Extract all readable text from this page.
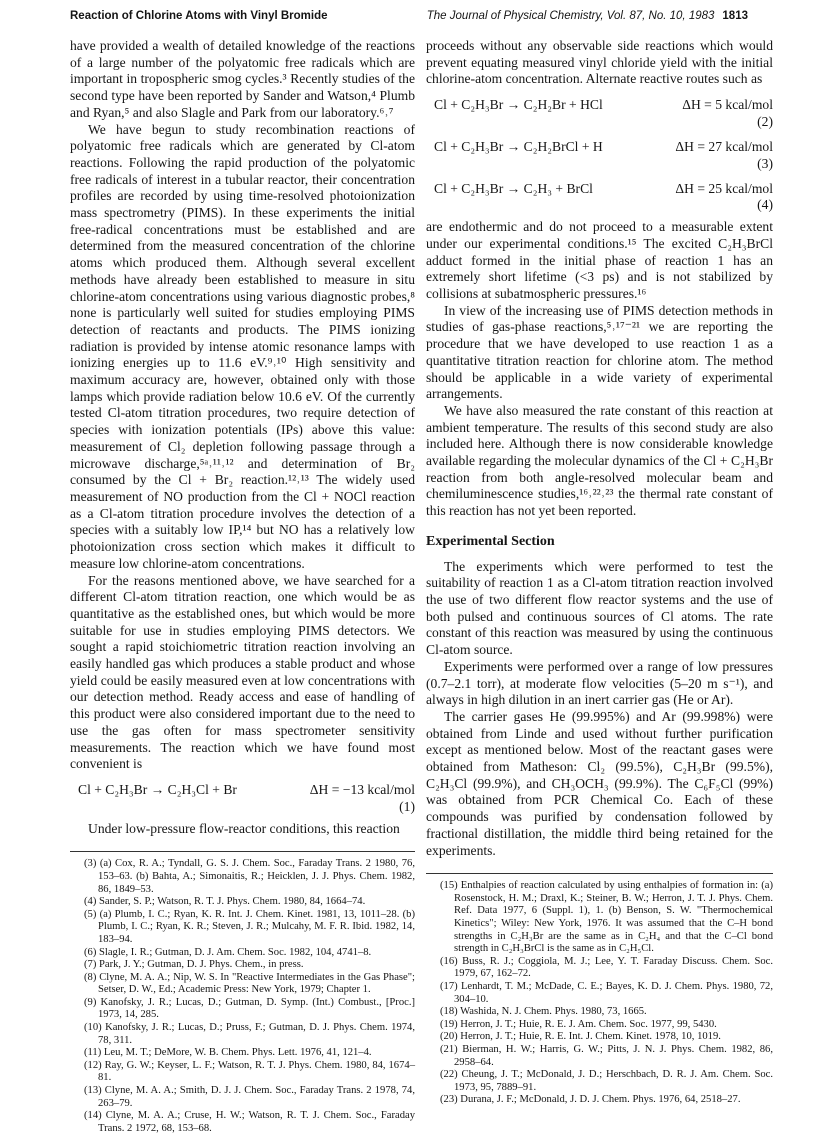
Reaction of Chlorine Atoms with Vinyl Bromide	The Journal of Physical Chemistry, Vol. 87, No. 10, 1983 1813

have provided a wealth of detailed knowledge of the reactions of a large number of the polyatomic free radicals which are important in tropospheric smog cycles.³ Recently studies of the second type have been reported by Sander and Watson,⁴ Plumb and Ryan,⁵ and also Slagle and Park from our laboratory.⁶˒⁷

We have begun to study recombination reactions of polyatomic free radicals which are generated by Cl-atom reactions. Following the rapid production of the polyatomic free radicals of interest in a tubular reactor, their concentration profiles are recorded by using time-resolved photoionization mass spectrometry (PIMS). In these experiments the initial free-radical concentrations must be established and are determined from the measured concentration of the chlorine atoms which produced them. Although several excellent methods have already been established to measure in situ chlorine-atom concentrations using various diagnostic probes,⁸ none is particularly well suited for studies employing PIMS detection of reactants and products. The PIMS ionizing radiation is provided by intense atomic resonance lamps with ionizing energies up to 11.6 eV.⁹˒¹⁰ High sensitivity and maximum accuracy are, however, obtained only with those lamps which provide radiation below 10.6 eV. Of the currently tested Cl-atom titration procedures, two require detection of species with ionization potentials (IPs) above this value: measurement of Cl₂ depletion following passage through a microwave discharge,⁵ᵃ˒¹¹˒¹² and determination of Br₂ consumed by the Cl + Br₂ reaction.¹²˒¹³ The widely used measurement of NO production from the Cl + NOCl reaction as a Cl-atom titration procedure involves the detection of a species with a suitably low IP,¹⁴ but NO has a relatively low photoionization cross section which makes it difficult to measure low chlorine-atom concentrations.

For the reasons mentioned above, we have searched for a different Cl-atom titration reaction, one which would be as quantitative as the established ones, but which would be more suitable for use in studies employing PIMS detectors. We sought a rapid stoichiometric titration reaction involving an easily handled gas which produces a stable product and whose yield could be easily measured even at low concentrations with our detection method. Ready access and ease of handling of this product were also considered important due to the need to use the gas often for mass spectrometer sensitivity measurements. The reaction which we have found most convenient is

Cl + C₂H₃Br → C₂H₃Cl + Br	ΔH = −13 kcal/mol
(1)

Under low-pressure flow-reactor conditions, this reaction

(3) (a) Cox, R. A.; Tyndall, G. S. J. Chem. Soc., Faraday Trans. 2 1980, 76, 153–63. (b) Bahta, A.; Simonaitis, R.; Heicklen, J. J. Phys. Chem. 1982, 86, 1849–53.
(4) Sander, S. P.; Watson, R. T. J. Phys. Chem. 1980, 84, 1664–74.
(5) (a) Plumb, I. C.; Ryan, K. R. Int. J. Chem. Kinet. 1981, 13, 1011–28. (b) Plumb, I. C.; Ryan, K. R.; Steven, J. R.; Mulcahy, M. F. R. Ibid. 1982, 14, 183–94.
(6) Slagle, I. R.; Gutman, D. J. Am. Chem. Soc. 1982, 104, 4741–8.
(7) Park, J. Y.; Gutman, D. J. Phys. Chem., in press.
(8) Clyne, M. A. A.; Nip, W. S. In "Reactive Intermediates in the Gas Phase"; Setser, D. W., Ed.; Academic Press: New York, 1979; Chapter 1.
(9) Kanofsky, J. R.; Lucas, D.; Gutman, D. Symp. (Int.) Combust., [Proc.] 1973, 14, 285.
(10) Kanofsky, J. R.; Lucas, D.; Pruss, F.; Gutman, D. J. Phys. Chem. 1974, 78, 311.
(11) Leu, M. T.; DeMore, W. B. Chem. Phys. Lett. 1976, 41, 121–4.
(12) Ray, G. W.; Keyser, L. F.; Watson, R. T. J. Phys. Chem. 1980, 84, 1674–81.
(13) Clyne, M. A. A.; Smith, D. J. J. Chem. Soc., Faraday Trans. 2 1978, 74, 263–79.
(14) Clyne, M. A. A.; Cruse, H. W.; Watson, R. T. J. Chem. Soc., Faraday Trans. 2 1972, 68, 153–68.

proceeds without any observable side reactions which would prevent equating measured vinyl chloride yield with the initial chlorine-atom concentration. Alternate reactive routes such as

Cl + C₂H₃Br → C₂H₂Br + HCl	ΔH = 5 kcal/mol
(2)
Cl + C₂H₃Br → C₂H₂BrCl + H	ΔH = 27 kcal/mol
(3)
Cl + C₂H₃Br → C₂H₃ + BrCl	ΔH = 25 kcal/mol
(4)

are endothermic and do not proceed to a measurable extent under our experimental conditions.¹⁵ The excited C₂H₃BrCl adduct formed in the initial phase of reaction 1 has an extremely short lifetime (<3 ps) and is not stabilized by collisions at subatmospheric pressures.¹⁶

In view of the increasing use of PIMS detection methods in studies of gas-phase reactions,⁵˒¹⁷⁻²¹ we are reporting the procedure that we have developed to use reaction 1 as a quantitative titration reaction for chlorine atom. The method should be applicable in a wide variety of experimental arrangements.

We have also measured the rate constant of this reaction at ambient temperature. The results of this second study are also included here. Although there is now considerable knowledge available regarding the molecular dynamics of the Cl + C₂H₃Br reaction from both angle-resolved molecular beam and chemiluminescence studies,¹⁶˒²²˒²³ the thermal rate constant of this reaction has not yet been reported.

Experimental Section

The experiments which were performed to test the suitability of reaction 1 as a Cl-atom titration reaction involved the use of two different flow reactor systems and the use of both pulsed and continuous sources of Cl atoms. The rate constant of this reaction was measured by using the continuous Cl-atom source.

Experiments were performed over a range of low pressures (0.7–2.1 torr), at moderate flow velocities (5–20 m s⁻¹), and always in high dilution in an inert carrier gas (He or Ar).

The carrier gases He (99.995%) and Ar (99.998%) were obtained from Linde and used without further purification except as mentioned below. Most of the reactant gases were obtained from Matheson: Cl₂ (99.5%), C₂H₃Br (99.5%), C₂H₃Cl (99.9%), and CH₃OCH₃ (99.9%). The C₆F₅Cl (99%) was obtained from PCR Chemical Co. Each of these compounds was purified by condensation followed by fractional distillation, the middle third being retained for the experiments.

(15) Enthalpies of reaction calculated by using enthalpies of formation in: (a) Rosenstock, H. M.; Draxl, K.; Steiner, B. W.; Herron, J. T. J. Phys. Chem. Ref. Data 1977, 6 (Suppl. 1), 1. (b) Benson, S. W. "Thermochemical Kinetics"; Wiley: New York, 1976. It was assumed that the C–H bond strengths in C₂H₃Br are the same as in C₂H₄ and that the C–Cl bond strength in C₂H₃BrCl is the same as in C₂H₅Cl.
(16) Buss, R. J.; Coggiola, M. J.; Lee, Y. T. Faraday Discuss. Chem. Soc. 1979, 67, 162–72.
(17) Lenhardt, T. M.; McDade, C. E.; Bayes, K. D. J. Chem. Phys. 1980, 72, 304–10.
(18) Washida, N. J. Chem. Phys. 1980, 73, 1665.
(19) Herron, J. T.; Huie, R. E. J. Am. Chem. Soc. 1977, 99, 5430.
(20) Herron, J. T.; Huie, R. E. Int. J. Chem. Kinet. 1978, 10, 1019.
(21) Bierman, H. W.; Harris, G. W.; Pitts, J. N. J. Phys. Chem. 1982, 86, 2958–64.
(22) Cheung, J. T.; McDonald, J. D.; Herschbach, D. R. J. Am. Chem. Soc. 1973, 95, 7889–91.
(23) Durana, J. F.; McDonald, J. D. J. Chem. Phys. 1976, 64, 2518–27.
